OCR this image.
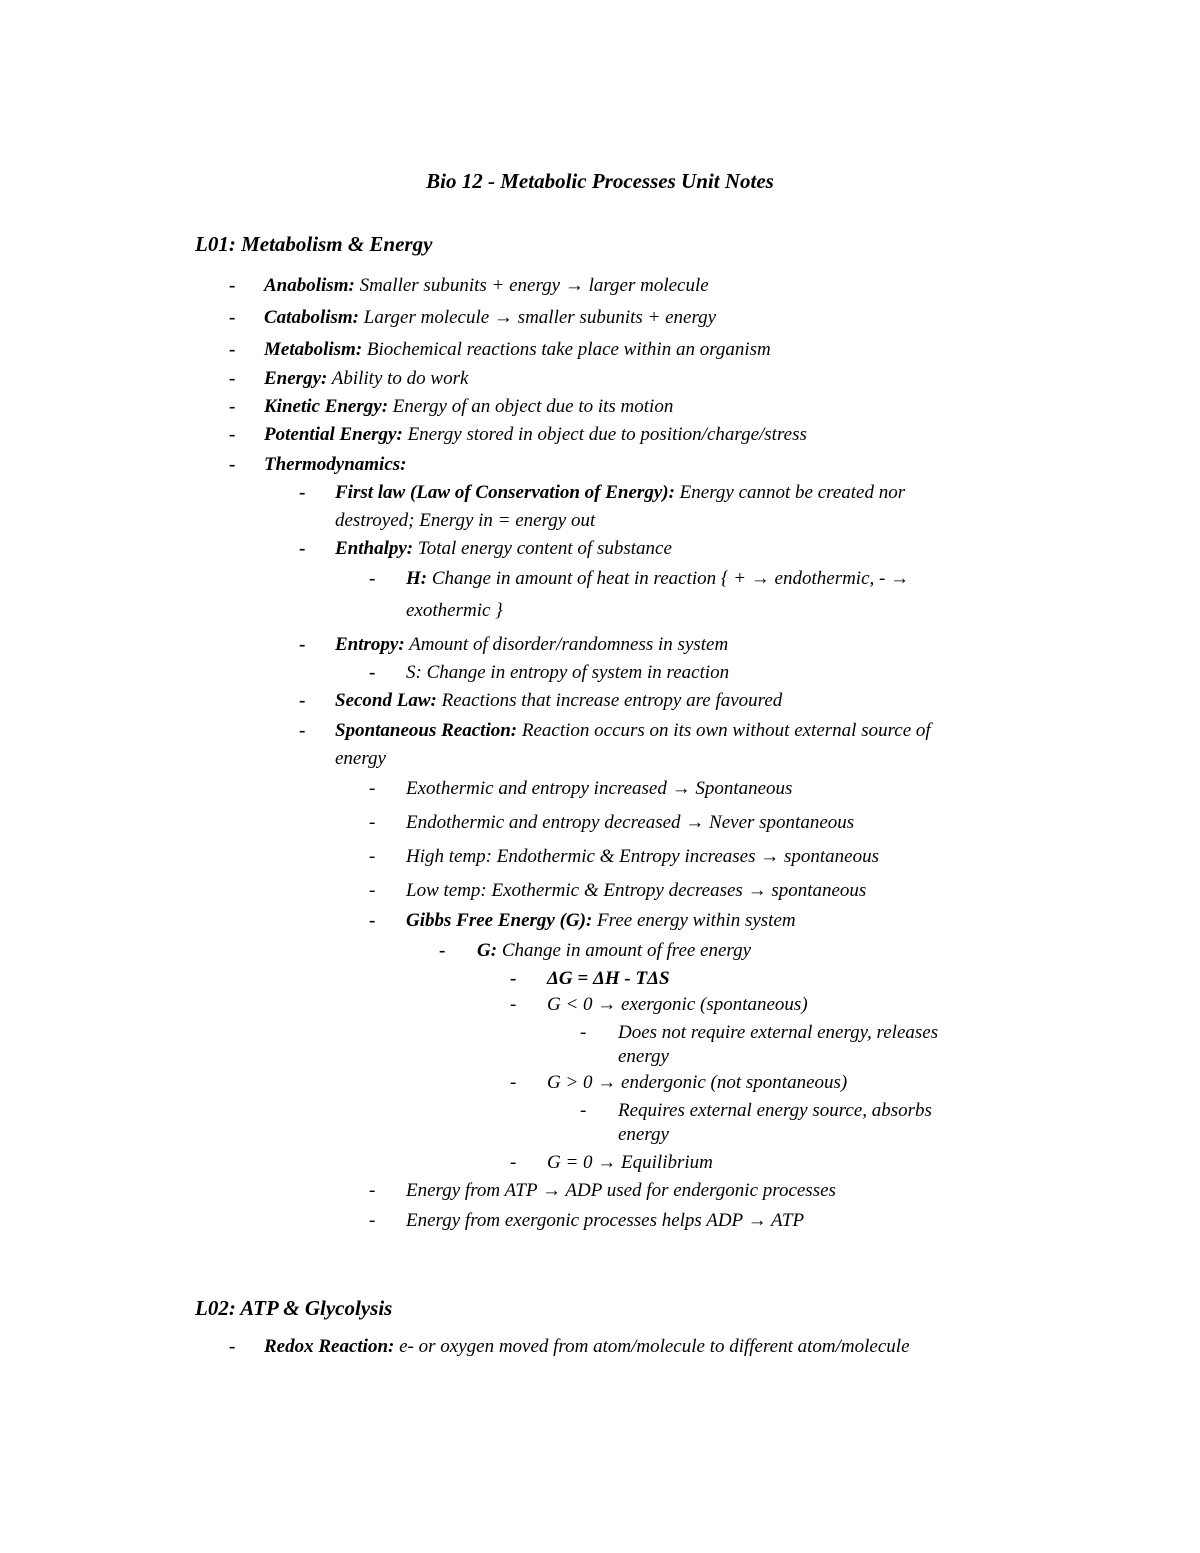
Bio 12 - Metabolic Processes Unit Notes
L01: Metabolism & Energy
- Anabolism: Smaller subunits + energy → larger molecule
- Catabolism: Larger molecule → smaller subunits + energy
- Metabolism: Biochemical reactions take place within an organism
- Energy: Ability to do work
- Kinetic Energy: Energy of an object due to its motion
- Potential Energy: Energy stored in object due to position/charge/stress
- Thermodynamics:
- First law (Law of Conservation of Energy): Energy cannot be created nor
destroyed; Energy in = energy out
- Enthalpy: Total energy content of substance
- H: Change in amount of heat in reaction { + → endothermic, - →
exothermic }
- Entropy: Amount of disorder/randomness in system
- S: Change in entropy of system in reaction
- Second Law: Reactions that increase entropy are favoured
- Spontaneous Reaction: Reaction occurs on its own without external source of
energy
- Exothermic and entropy increased → Spontaneous
- Endothermic and entropy decreased → Never spontaneous
- High temp: Endothermic & Entropy increases → spontaneous
- Low temp: Exothermic & Entropy decreases → spontaneous
- Gibbs Free Energy (G): Free energy within system
- G: Change in amount of free energy
- ΔG = ΔH - TΔS
- G < 0 → exergonic (spontaneous)
- Does not require external energy, releases
energy
- G > 0 → endergonic (not spontaneous)
- Requires external energy source, absorbs
energy
- G = 0 → Equilibrium
- Energy from ATP → ADP used for endergonic processes
- Energy from exergonic processes helps ADP → ATP
L02: ATP & Glycolysis
- Redox Reaction: e- or oxygen moved from atom/molecule to different atom/molecule
